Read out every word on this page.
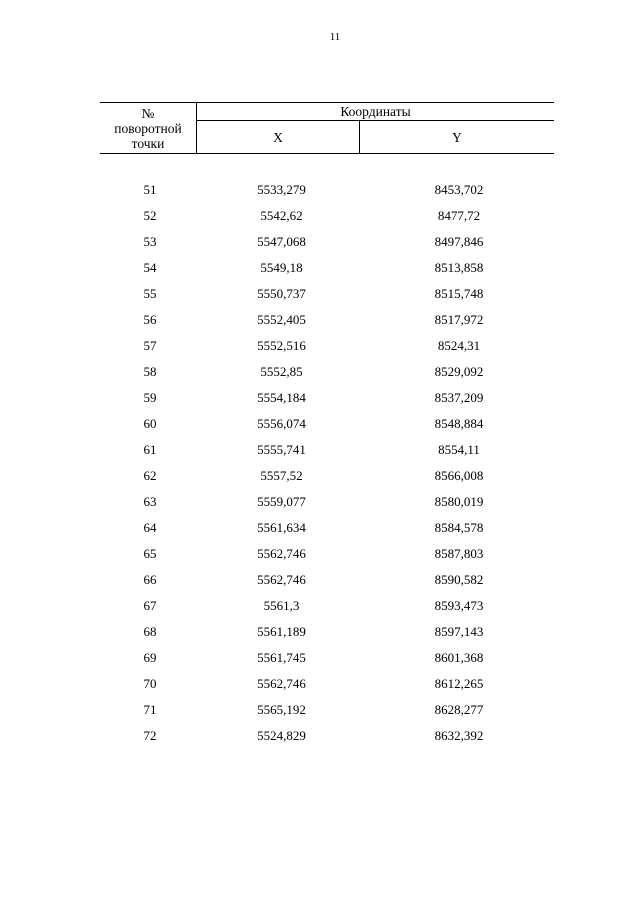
11
№
поворотной
точки	Координаты	
	X	Y
51	5533,279	8453,702
52	5542,62	8477,72
53	5547,068	8497,846
54	5549,18	8513,858
55	5550,737	8515,748
56	5552,405	8517,972
57	5552,516	8524,31
58	5552,85	8529,092
59	5554,184	8537,209
60	5556,074	8548,884
61	5555,741	8554,11
62	5557,52	8566,008
63	5559,077	8580,019
64	5561,634	8584,578
65	5562,746	8587,803
66	5562,746	8590,582
67	5561,3	8593,473
68	5561,189	8597,143
69	5561,745	8601,368
70	5562,746	8612,265
71	5565,192	8628,277
72	5524,829	8632,392
